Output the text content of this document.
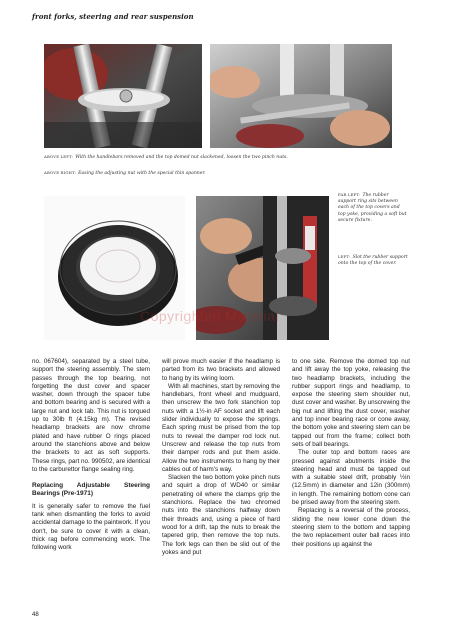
front forks, steering and rear suspension
ABOVE LEFT: With the handlebars removed and the top domed nut slackened, loosen the two pinch nuts.
ABOVE RIGHT: Easing the adjusting nut with the special thin spanner.
FAR LEFT: The rubber support ring sits between each of the top covers and top yoke, providing a soft but secure fixture.
LEFT: Slot the rubber support onto the top of the cover.
Copyrighted Material

no. 067604), separated by a steel tube, support the steering assembly. The stem passes through the top bearing, not forgetting the dust cover and spacer washer, down through the spacer tube and bottom bearing and is secured with a large nut and lock tab. This nut is torqued up to 30lb ft (4.15kg m). The revised headlamp brackets are now chrome plated and have rubber O rings placed around the stanchions above and below the brackets to act as soft supports. These rings, part no. 990502, are identical to the carburettor flange sealing ring.

Replacing Adjustable Steering Bearings (Pre-1971)

It is generally safer to remove the fuel tank when dismantling the forks to avoid accidental damage to the paintwork. If you don't, be sure to cover it with a clean, thick rag before commencing work. The following work

will prove much easier if the headlamp is parted from its two brackets and allowed to hang by its wiring loom.

With all machines, start by removing the handlebars, front wheel and mudguard, then unscrew the two fork stanchion top nuts with a 1½-in AF socket and lift each slider individually to expose the springs. Each spring must be prised from the top nuts to reveal the damper rod lock nut. Unscrew and release the top nuts from their damper rods and put them aside. Allow the two instruments to hang by their cables out of harm's way.

Slacken the two bottom yoke pinch nuts and squirt a drop of WD40 or similar penetrating oil where the clamps grip the stanchions. Replace the two chromed nuts into the stanchions halfway down their threads and, using a piece of hard wood for a drift, tap the nuts to break the tapered grip, then remove the top nuts. The fork legs can then be slid out of the yokes and put

to one side. Remove the domed top nut and lift away the top yoke, releasing the two headlamp brackets, including the rubber support rings and headlamp, to expose the steering stem shoulder nut, dust cover and washer. By unscrewing the big nut and lifting the dust cover, washer and top inner bearing race or cone away, the bottom yoke and steering stem can be tapped out from the frame; collect both sets of ball bearings.

The outer top and bottom races are pressed against abutments inside the steering head and must be tapped out with a suitable steel drift, probably ½in (12.5mm) in diameter and 12in (300mm) in length. The remaining bottom cone can be prised away from the steering stem.

Replacing is a reversal of the process, sliding the new lower cone down the steering stem to the bottom and tapping the two replacement outer ball races into their positions up against the

48
